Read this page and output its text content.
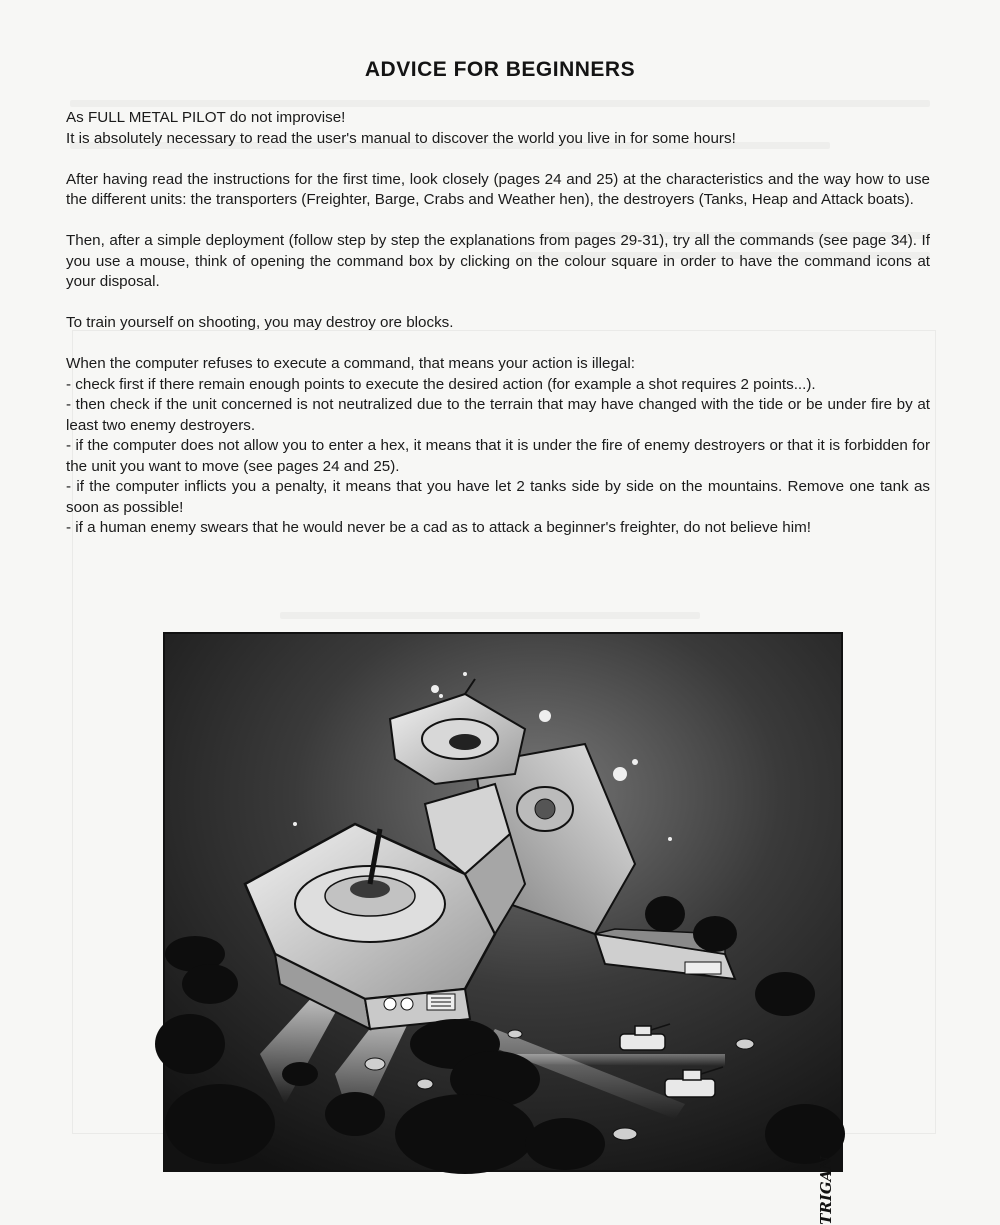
ADVICE FOR BEGINNERS

As FULL METAL PILOT do not improvise!
It is absolutely necessary to read the user's manual to discover the world you live in for some hours!

After having read the instructions for the first time, look closely (pages 24 and 25) at the characteristics and the way how to use the different units: the transporters (Freighter, Barge, Crabs and Weather hen), the destroyers (Tanks, Heap and Attack boats).

Then, after a simple deployment (follow step by step the explanations from pages 29-31), try all the commands (see page 34). If you use a mouse, think of opening the command box by clicking on the colour square in order to have the command icons at your disposal.

To train yourself on shooting, you may destroy ore blocks.

When the computer refuses to execute a command, that means your action is illegal:
- check first if there remain enough points to execute the desired action (for example a shot requires 2 points...).
- then check if the unit concerned is not neutralized due to the terrain that may have changed with the tide or be under fire by at least two enemy destroyers.
- if the computer does not allow you to enter a hex, it means that it is under the fire of enemy destroyers or that it is forbidden for the unit you want to move (see pages 24 and 25).
- if the computer inflicts you a penalty, it means that you have let 2 tanks side by side on the mountains. Remove one tank as soon as possible!
- if a human enemy swears that he would never be a cad as to attack a beginner's freighter, do not believe him!

TRIGAN
